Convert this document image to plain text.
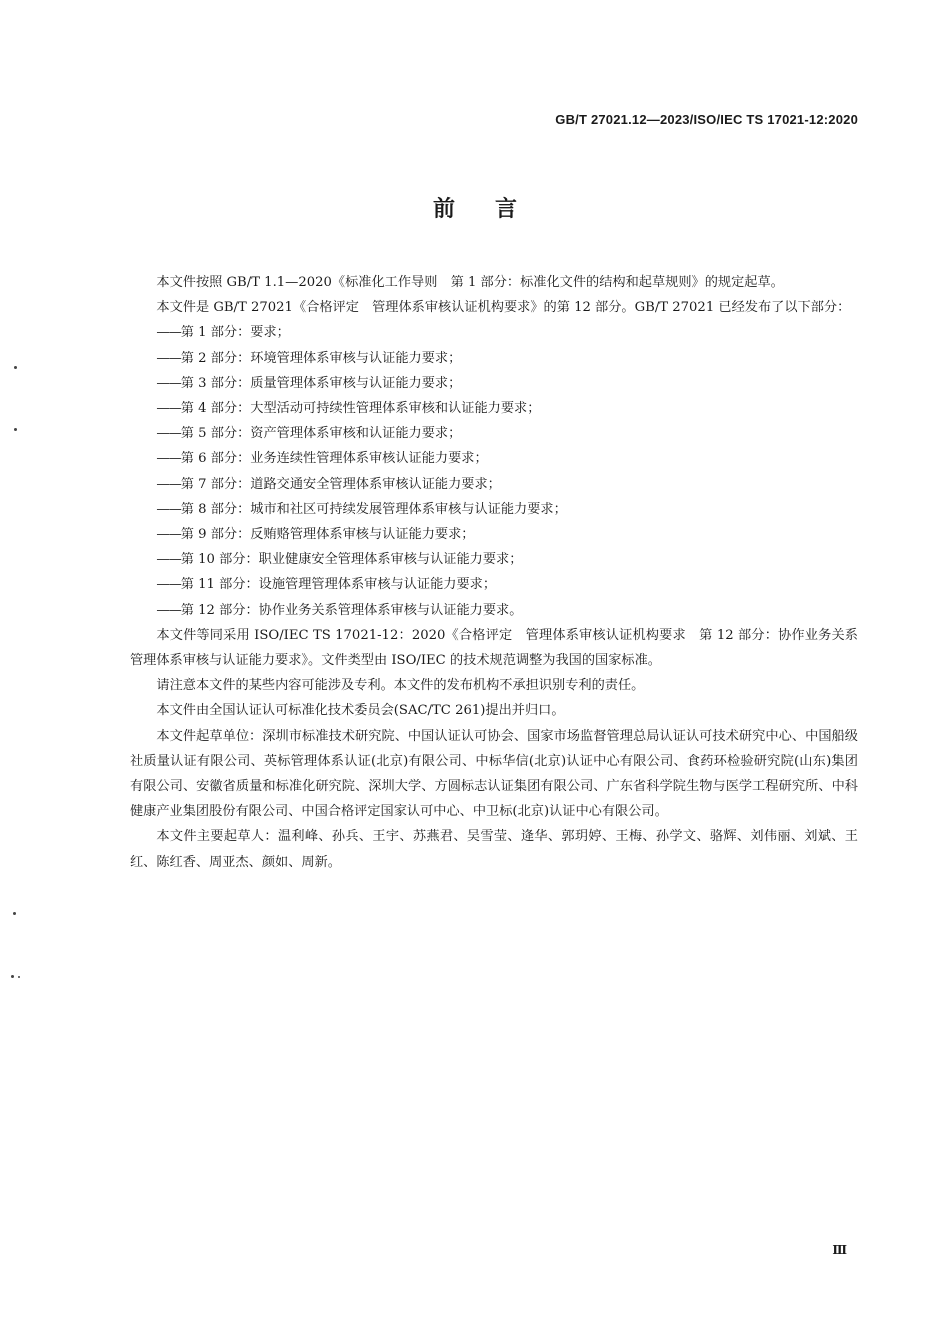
GB/T 27021.12—2023/ISO/IEC TS 17021-12:2020
前言

本文件按照 GB/T 1.1—2020《标准化工作导则　第 1 部分：标准化文件的结构和起草规则》的规定起草。

本文件是 GB/T 27021《合格评定　管理体系审核认证机构要求》的第 12 部分。GB/T 27021 已经发布了以下部分：

——第 1 部分：要求；
——第 2 部分：环境管理体系审核与认证能力要求；
——第 3 部分：质量管理体系审核与认证能力要求；
——第 4 部分：大型活动可持续性管理体系审核和认证能力要求；
——第 5 部分：资产管理体系审核和认证能力要求；
——第 6 部分：业务连续性管理体系审核认证能力要求；
——第 7 部分：道路交通安全管理体系审核认证能力要求；
——第 8 部分：城市和社区可持续发展管理体系审核与认证能力要求；
——第 9 部分：反贿赂管理体系审核与认证能力要求；
——第 10 部分：职业健康安全管理体系审核与认证能力要求；
——第 11 部分：设施管理管理体系审核与认证能力要求；
——第 12 部分：协作业务关系管理体系审核与认证能力要求。

本文件等同采用 ISO/IEC TS 17021-12：2020《合格评定　管理体系审核认证机构要求　第 12 部分：协作业务关系管理体系审核与认证能力要求》。文件类型由 ISO/IEC 的技术规范调整为我国的国家标准。

请注意本文件的某些内容可能涉及专利。本文件的发布机构不承担识别专利的责任。

本文件由全国认证认可标准化技术委员会(SAC/TC 261)提出并归口。

本文件起草单位：深圳市标准技术研究院、中国认证认可协会、国家市场监督管理总局认证认可技术研究中心、中国船级社质量认证有限公司、英标管理体系认证(北京)有限公司、中标华信(北京)认证中心有限公司、食药环检验研究院(山东)集团有限公司、安徽省质量和标准化研究院、深圳大学、方圆标志认证集团有限公司、广东省科学院生物与医学工程研究所、中科健康产业集团股份有限公司、中国合格评定国家认可中心、中卫标(北京)认证中心有限公司。

本文件主要起草人：温利峰、孙兵、王宇、苏燕君、吴雪莹、逄华、郭玥婷、王梅、孙学文、骆辉、刘伟丽、刘斌、王红、陈红香、周亚杰、颜如、周新。

Ⅲ
